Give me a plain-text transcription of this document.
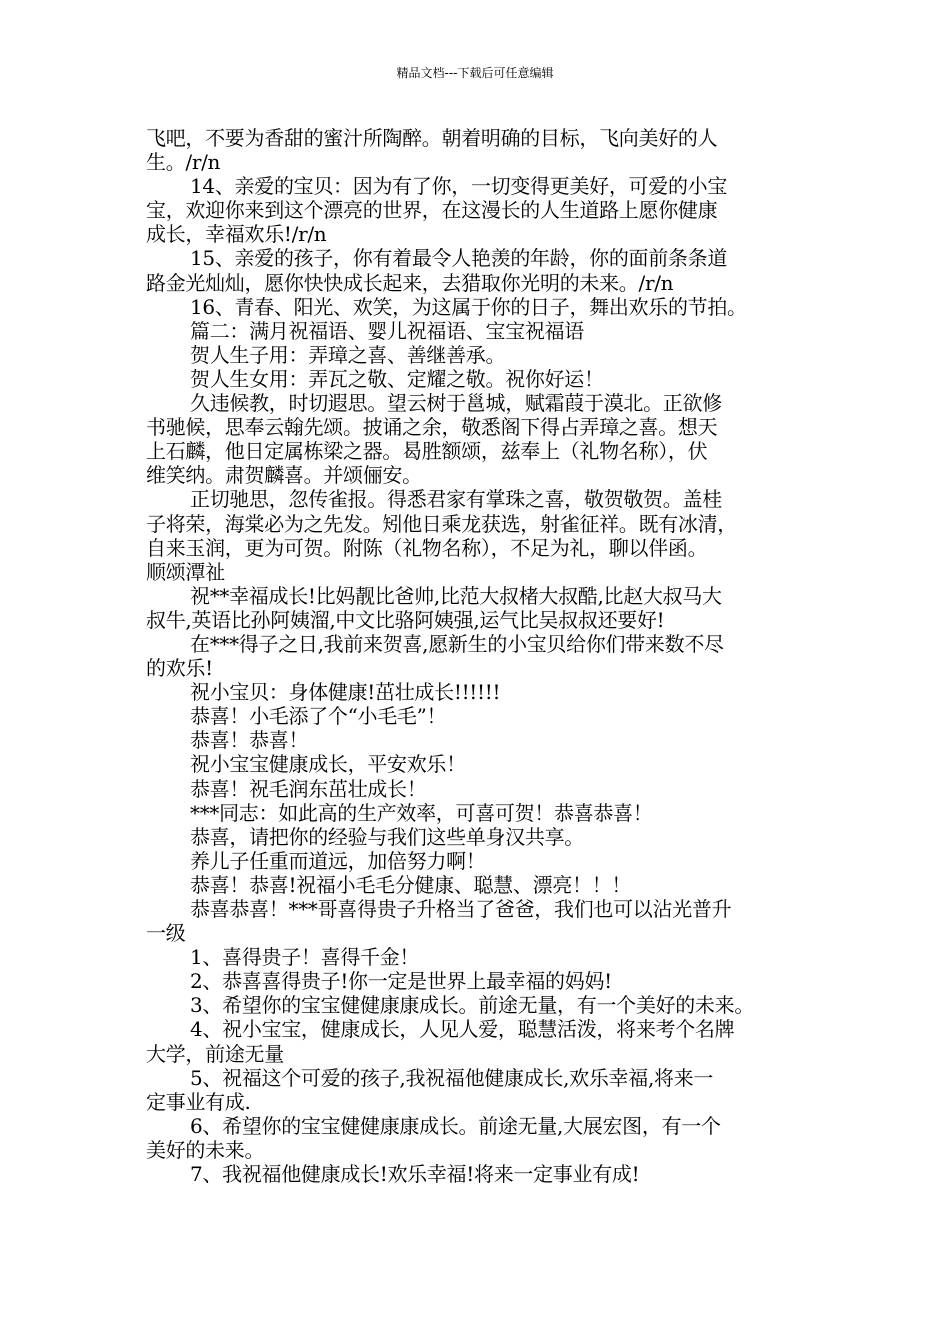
精品文档---下载后可任意编辑

飞吧，不要为香甜的蜜汁所陶醉。朝着明确的目标，飞向美好的人
生。/r/n

14、亲爱的宝贝：因为有了你，一切变得更美好，可爱的小宝
宝，欢迎你来到这个漂亮的世界，在这漫长的人生道路上愿你健康
成长，幸福欢乐!/r/n

15、亲爱的孩子，你有着最令人艳羡的年龄，你的面前条条道
路金光灿灿，愿你快快成长起来，去猎取你光明的未来。/r/n

16、青春、阳光、欢笑，为这属于你的日子，舞出欢乐的节拍。

篇二：满月祝福语、婴儿祝福语、宝宝祝福语

贺人生子用：弄璋之喜、善继善承。

贺人生女用：弄瓦之敬、定耀之敬。祝你好运！

久违候教，时切遐思。望云树于邕城，赋霜葭于漠北。正欲修
书驰候，思奉云翰先颂。披诵之余，敬悉阁下得占弄璋之喜。想天
上石麟，他日定属栋梁之器。曷胜额颂，兹奉上（礼物名称），伏
维笑纳。肃贺麟喜。并颂俪安。

正切驰思，忽传雀报。得悉君家有掌珠之喜，敬贺敬贺。盖桂
子将荣，海棠必为之先发。矧他日乘龙获选，射雀征祥。既有冰清，
自来玉润，更为可贺。附陈（礼物名称），不足为礼，聊以伴函。
顺颂潭祉

祝**幸福成长!比妈靓比爸帅,比范大叔楮大叔酷,比赵大叔马大
叔牛,英语比孙阿姨溜,中文比骆阿姨强,运气比吴叔叔还要好!

在***得子之日,我前来贺喜,愿新生的小宝贝给你们带来数不尽
的欢乐!

祝小宝贝：身体健康!茁壮成长!!!!!!

恭喜！小毛添了个“小毛毛”！

恭喜！恭喜！

祝小宝宝健康成长，平安欢乐！

恭喜！祝毛润东茁壮成长！

***同志：如此高的生产效率，可喜可贺！恭喜恭喜！

恭喜，请把你的经验与我们这些单身汉共享。

养儿子任重而道远，加倍努力啊！

恭喜！恭喜!祝福小毛毛分健康、聪慧、漂亮！！！

恭喜恭喜！***哥喜得贵子升格当了爸爸，我们也可以沾光普升
一级

1、喜得贵子！喜得千金！

2、恭喜喜得贵子!你一定是世界上最幸福的妈妈!

3、希望你的宝宝健健康康成长。前途无量，有一个美好的未来。

4、祝小宝宝，健康成长，人见人爱，聪慧活泼，将来考个名牌
大学，前途无量

5、祝福这个可爱的孩子,我祝福他健康成长,欢乐幸福,将来一
定事业有成.

6、希望你的宝宝健健康康成长。前途无量,大展宏图，有一个
美好的未来。

7、我祝福他健康成长!欢乐幸福!将来一定事业有成!
